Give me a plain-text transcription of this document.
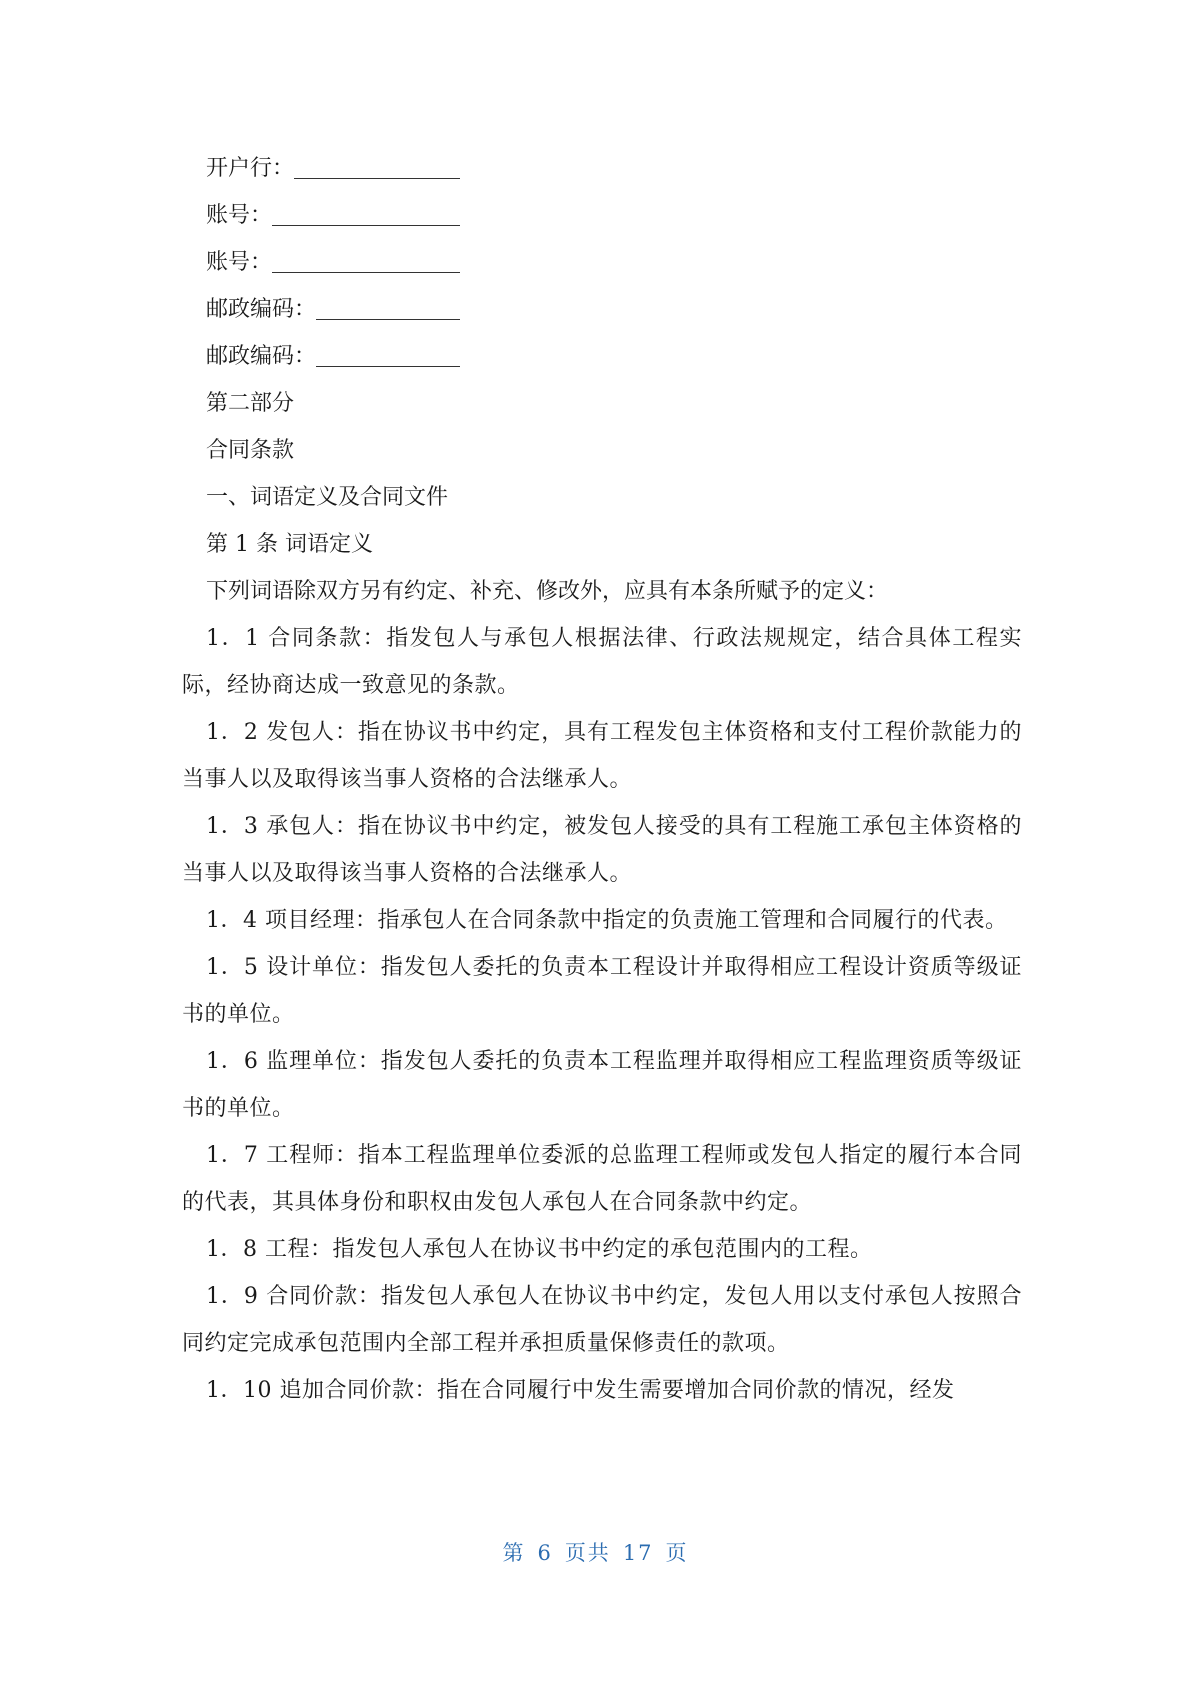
开户行：
账号：
账号：
邮政编码：
邮政编码：
第二部分
合同条款
一、词语定义及合同文件
第 1 条 词语定义
下列词语除双方另有约定、补充、修改外，应具有本条所赋予的定义：
1．1 合同条款：指发包人与承包人根据法律、行政法规规定，结合具体工程实际，经协商达成一致意见的条款。
1．2 发包人：指在协议书中约定，具有工程发包主体资格和支付工程价款能力的当事人以及取得该当事人资格的合法继承人。
1．3 承包人：指在协议书中约定，被发包人接受的具有工程施工承包主体资格的当事人以及取得该当事人资格的合法继承人。
1．4 项目经理：指承包人在合同条款中指定的负责施工管理和合同履行的代表。
1．5 设计单位：指发包人委托的负责本工程设计并取得相应工程设计资质等级证书的单位。
1．6 监理单位：指发包人委托的负责本工程监理并取得相应工程监理资质等级证书的单位。
1．7 工程师：指本工程监理单位委派的总监理工程师或发包人指定的履行本合同的代表，其具体身份和职权由发包人承包人在合同条款中约定。
1．8 工程：指发包人承包人在协议书中约定的承包范围内的工程。
1．9 合同价款：指发包人承包人在协议书中约定，发包人用以支付承包人按照合同约定完成承包范围内全部工程并承担质量保修责任的款项。
1．10 追加合同价款：指在合同履行中发生需要增加合同价款的情况，经发
第 6 页共 17 页
